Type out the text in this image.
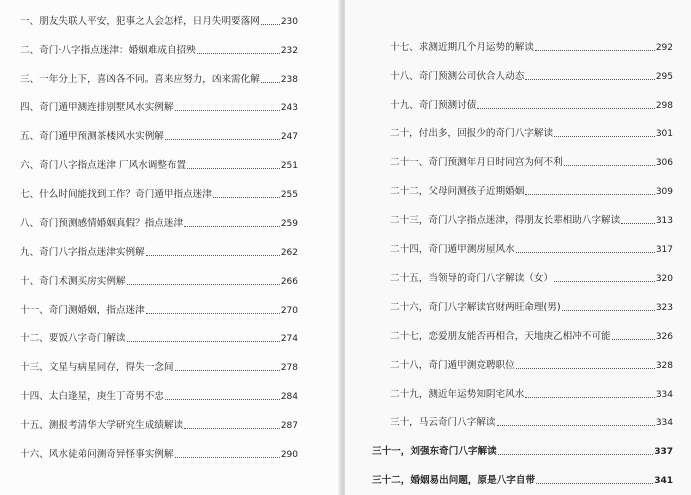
一、朋友失联人平安，犯事之人会怎样，日月失明要落网 230
二、奇门·八字指点迷津：婚姻难成自招殃	232
三、一年分上下，喜凶各不同。喜来应努力，凶来需化解 238
四、奇门遁甲测连排别墅风水实例解	243
五、奇门遁甲预测茶楼风水实例解	247
六、奇门八字指点迷津 厂风水调整布置	251
七、什么时间能找到工作？奇门遁甲指点迷津	255
八、奇门预测感情婚姻真假？指点迷津	259
九、奇门八字指点迷津实例解	262
十、奇门术测买房实例解	266
十一、奇门测婚姻，指点迷津	270
十二、要饭八字奇门解读	274
十三、文星与病星同存，得失一念间	278
十四、太白逢星，庚生丁奇男不忠	284
十五、测报考清华大学研究生成绩解读	287
十六、风水徒弟问测奇异怪事实例解	290
十七、求测近期几个月运势的解读	292
十八、奇门预测公司伙合人动态	295
十九、奇门预测讨债	298
二十，付出多，回报少的奇门八字解读	301
二十一、奇门预测年月日时同宫为何不利	306
二十二，父母问测孩子近期婚姻	309
二十三，奇门八字指点迷津，得朋友长辈相助八字解读	313
二十四，奇门遁甲测房屋风水	317
二十五，当领导的奇门八字解读（女）	320
二十六，奇门八字解读官财两旺命理(男)	323
二十七，恋爱朋友能否再相合，天地庚乙相冲不可能	326
二十八，奇门遁甲测竞聘职位	328
二十九，测近年运势知阴宅风水	334
三十，马云奇门八字解读	334
三十一，刘强东奇门八字解读	337
三十二，婚姻易出问题，原是八字自带	341
